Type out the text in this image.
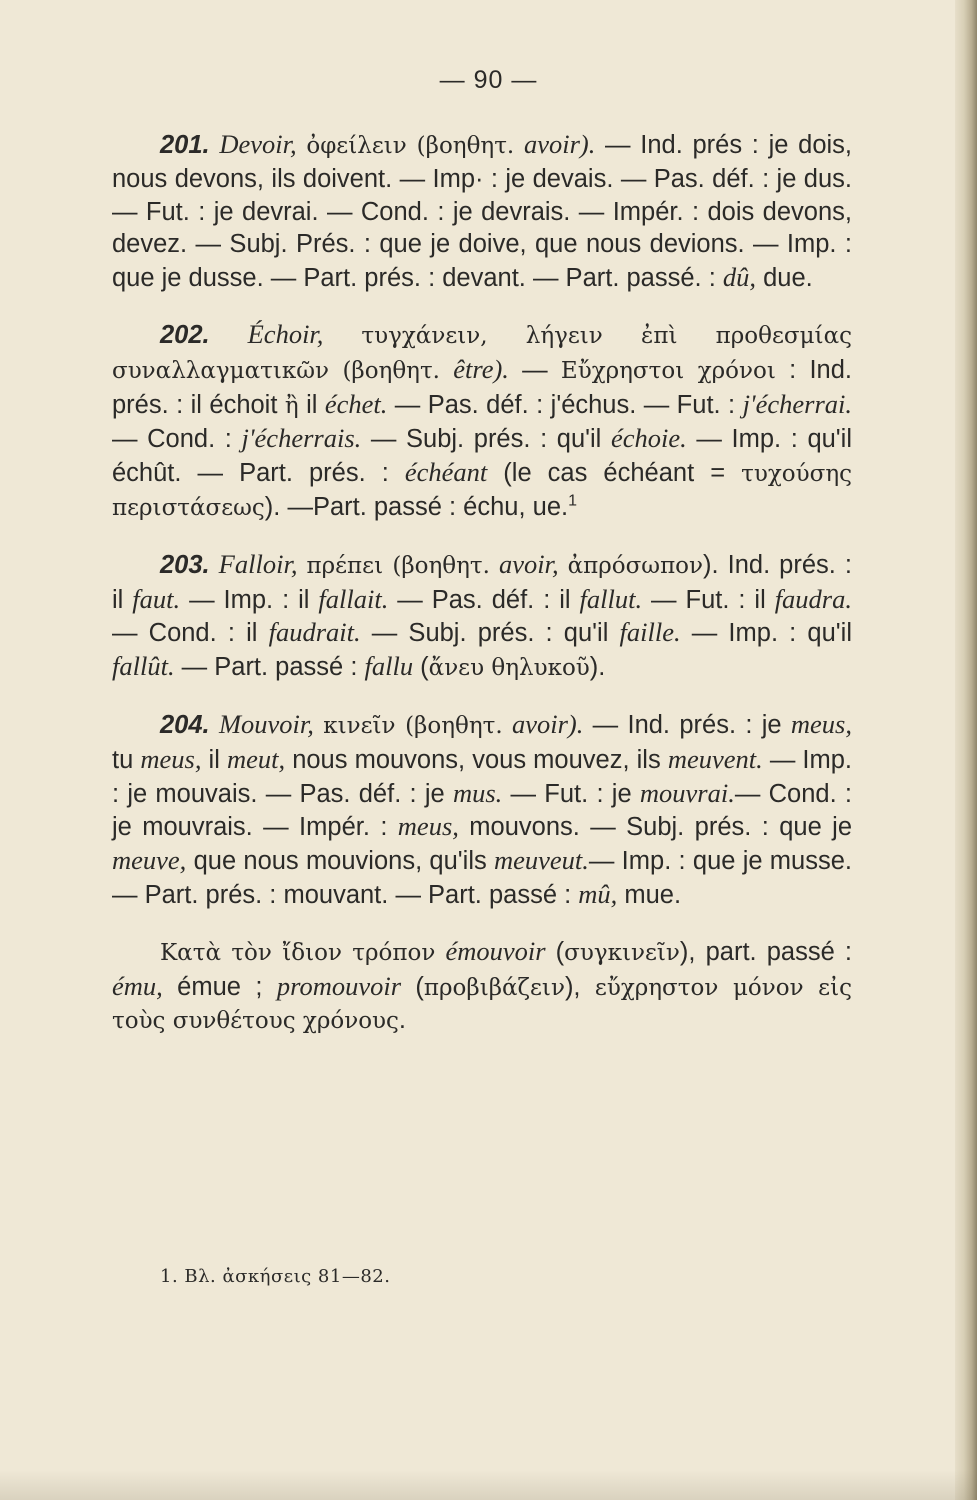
— 90 —

201. Devoir, ὀφείλειν (βοηθητ. avoir). — Ind. prés : je dois, nous devons, ils doivent. — Imp· : je devais. — Pas. déf. : je dus. — Fut. : je devrai. — Cond. : je devrais. — Impér. : dois devons, devez. — Subj. Prés. : que je doive, que nous devions. — Imp. : que je dusse. — Part. prés. : devant. — Part. passé. : dû, due.

202. Échoir, τυγχάνειν, λήγειν ἐπὶ προθεσμίας συναλλαγματικῶν (βοηθητ. être). — Εὔχρηστοι χρόνοι : Ind. prés. : il échoit ἢ il échet. — Pas. déf. : j'échus. — Fut. : j'écherrai. — Cond. : j'écherrais. — Subj. prés. : qu'il échoie. — Imp. : qu'il échût. — Part. prés. : échéant (le cas échéant = τυχούσης περιστάσεως). —Part. passé : échu, ue.$^1$

203. Falloir, πρέπει (βοηθητ. avoir, ἀπρόσωπον). Ind. prés. : il faut. — Imp. : il fallait. — Pas. déf. : il fallut. — Fut. : il faudra. — Cond. : il faudrait. — Subj. prés. : qu'il faille. — Imp. : qu'il fallût. — Part. passé : fallu (ἄνευ θηλυκοῦ).

204. Mouvoir, κινεῖν (βοηθητ. avoir). — Ind. prés. : je meus, tu meus, il meut, nous mouvons, vous mouvez, ils meuvent. — Imp. : je mouvais. — Pas. déf. : je mus. — Fut. : je mouvrai.— Cond. : je mouvrais. — Impér. : meus, mouvons. — Subj. prés. : que je meuve, que nous mouvions, qu'ils meuveut.— Imp. : que je musse. — Part. prés. : mouvant. — Part. passé : mû, mue.

Κατὰ τὸν ἴδιον τρόπον émouvoir (συγκινεῖν), part. passé : ému, émue ; promouvoir (προβιβάζειν), εὔχρηστον μόνον εἰς τοὺς συνθέτους χρόνους.

1. Βλ. ἀσκήσεις 81—82.
